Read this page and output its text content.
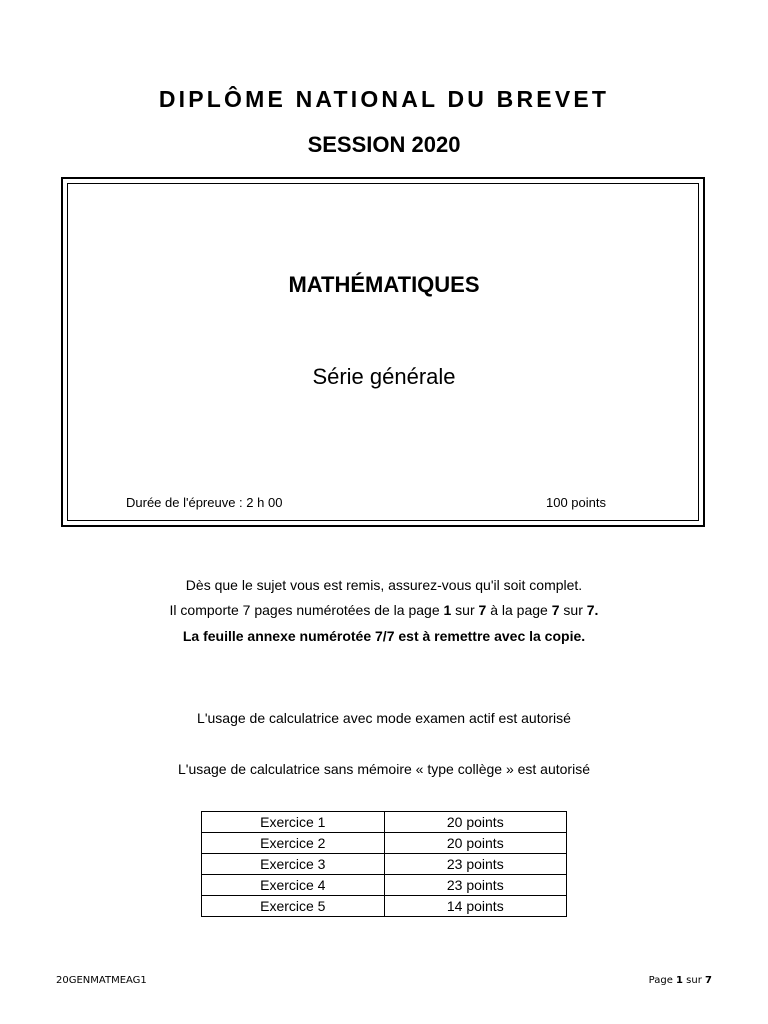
DIPLÔME NATIONAL DU BREVET
SESSION 2020
MATHÉMATIQUES
Série générale
Durée de l'épreuve : 2 h 00	100 points
Dès que le sujet vous est remis, assurez-vous qu'il soit complet.
Il comporte 7 pages numérotées de la page 1 sur 7 à la page 7 sur 7.
La feuille annexe numérotée 7/7 est à remettre avec la copie.
L'usage de calculatrice avec mode examen actif est autorisé
L'usage de calculatrice sans mémoire « type collège » est autorisé
Exercice 1	20 points
Exercice 2	20 points
Exercice 3	23 points
Exercice 4	23 points
Exercice 5	14 points
20GENMATMEAG1	Page 1 sur 7
